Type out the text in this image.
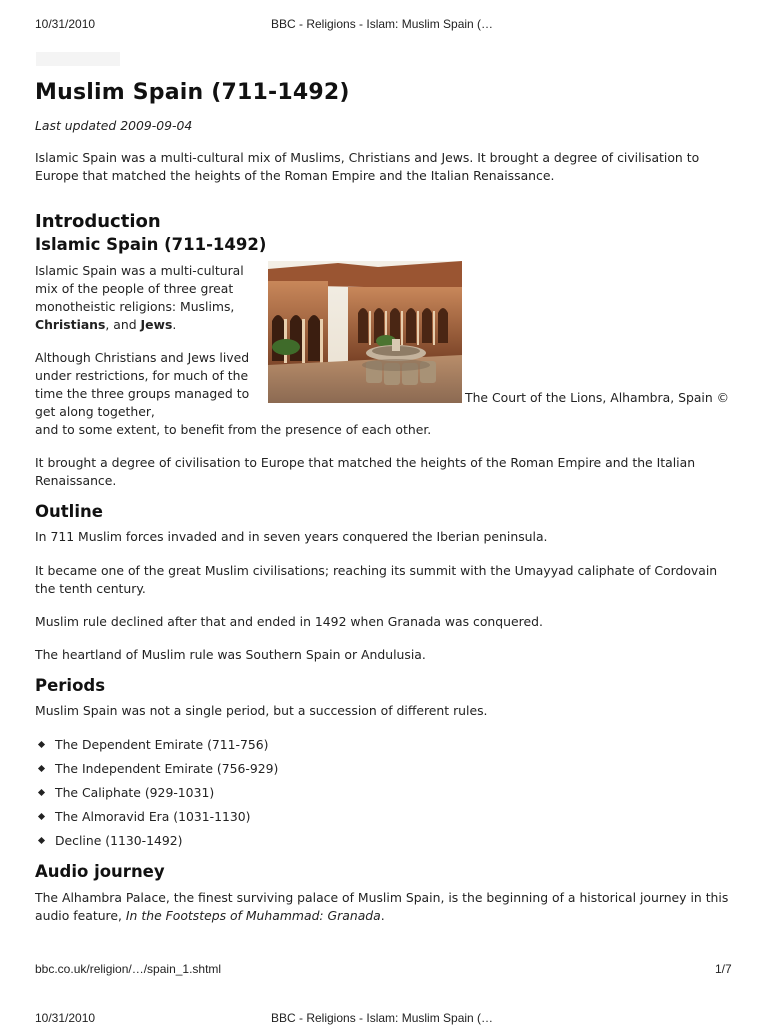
10/31/2010	BBC - Religions - Islam: Muslim Spain (…
Muslim Spain (711-1492)
Last updated 2009-09-04

Islamic Spain was a multi-cultural mix of Muslims, Christians and Jews. It brought a degree of civilisation to Europe that matched the heights of the Roman Empire and the Italian Renaissance.

Introduction
Islamic Spain (711-1492)

Islamic Spain was a multi-cultural mix of the people of three great monotheistic religions: Muslims, Christians, and Jews.

Although Christians and Jews lived under restrictions, for much of the time the three groups managed to get along together,

and to some extent, to benefit from the presence of each other.

The Court of the Lions, Alhambra, Spain ©

It brought a degree of civilisation to Europe that matched the heights of the Roman Empire and the Italian Renaissance.

Outline

In 711 Muslim forces invaded and in seven years conquered the Iberian peninsula.

It became one of the great Muslim civilisations; reaching its summit with the Umayyad caliphate of Cordovain the tenth century.

Muslim rule declined after that and ended in 1492 when Granada was conquered.

The heartland of Muslim rule was Southern Spain or Andulusia.

Periods

Muslim Spain was not a single period, but a succession of different rules.

The Dependent Emirate (711-756)
The Independent Emirate (756-929)
The Caliphate (929-1031)
The Almoravid Era (1031-1130)
Decline (1130-1492)
Audio journey

The Alhambra Palace, the finest surviving palace of Muslim Spain, is the beginning of a historical journey in this audio feature, In the Footsteps of Muhammad: Granada.

bbc.co.uk/religion/…/spain_1.shtml	1/7
10/31/2010	BBC - Religions - Islam: Muslim Spain (…
